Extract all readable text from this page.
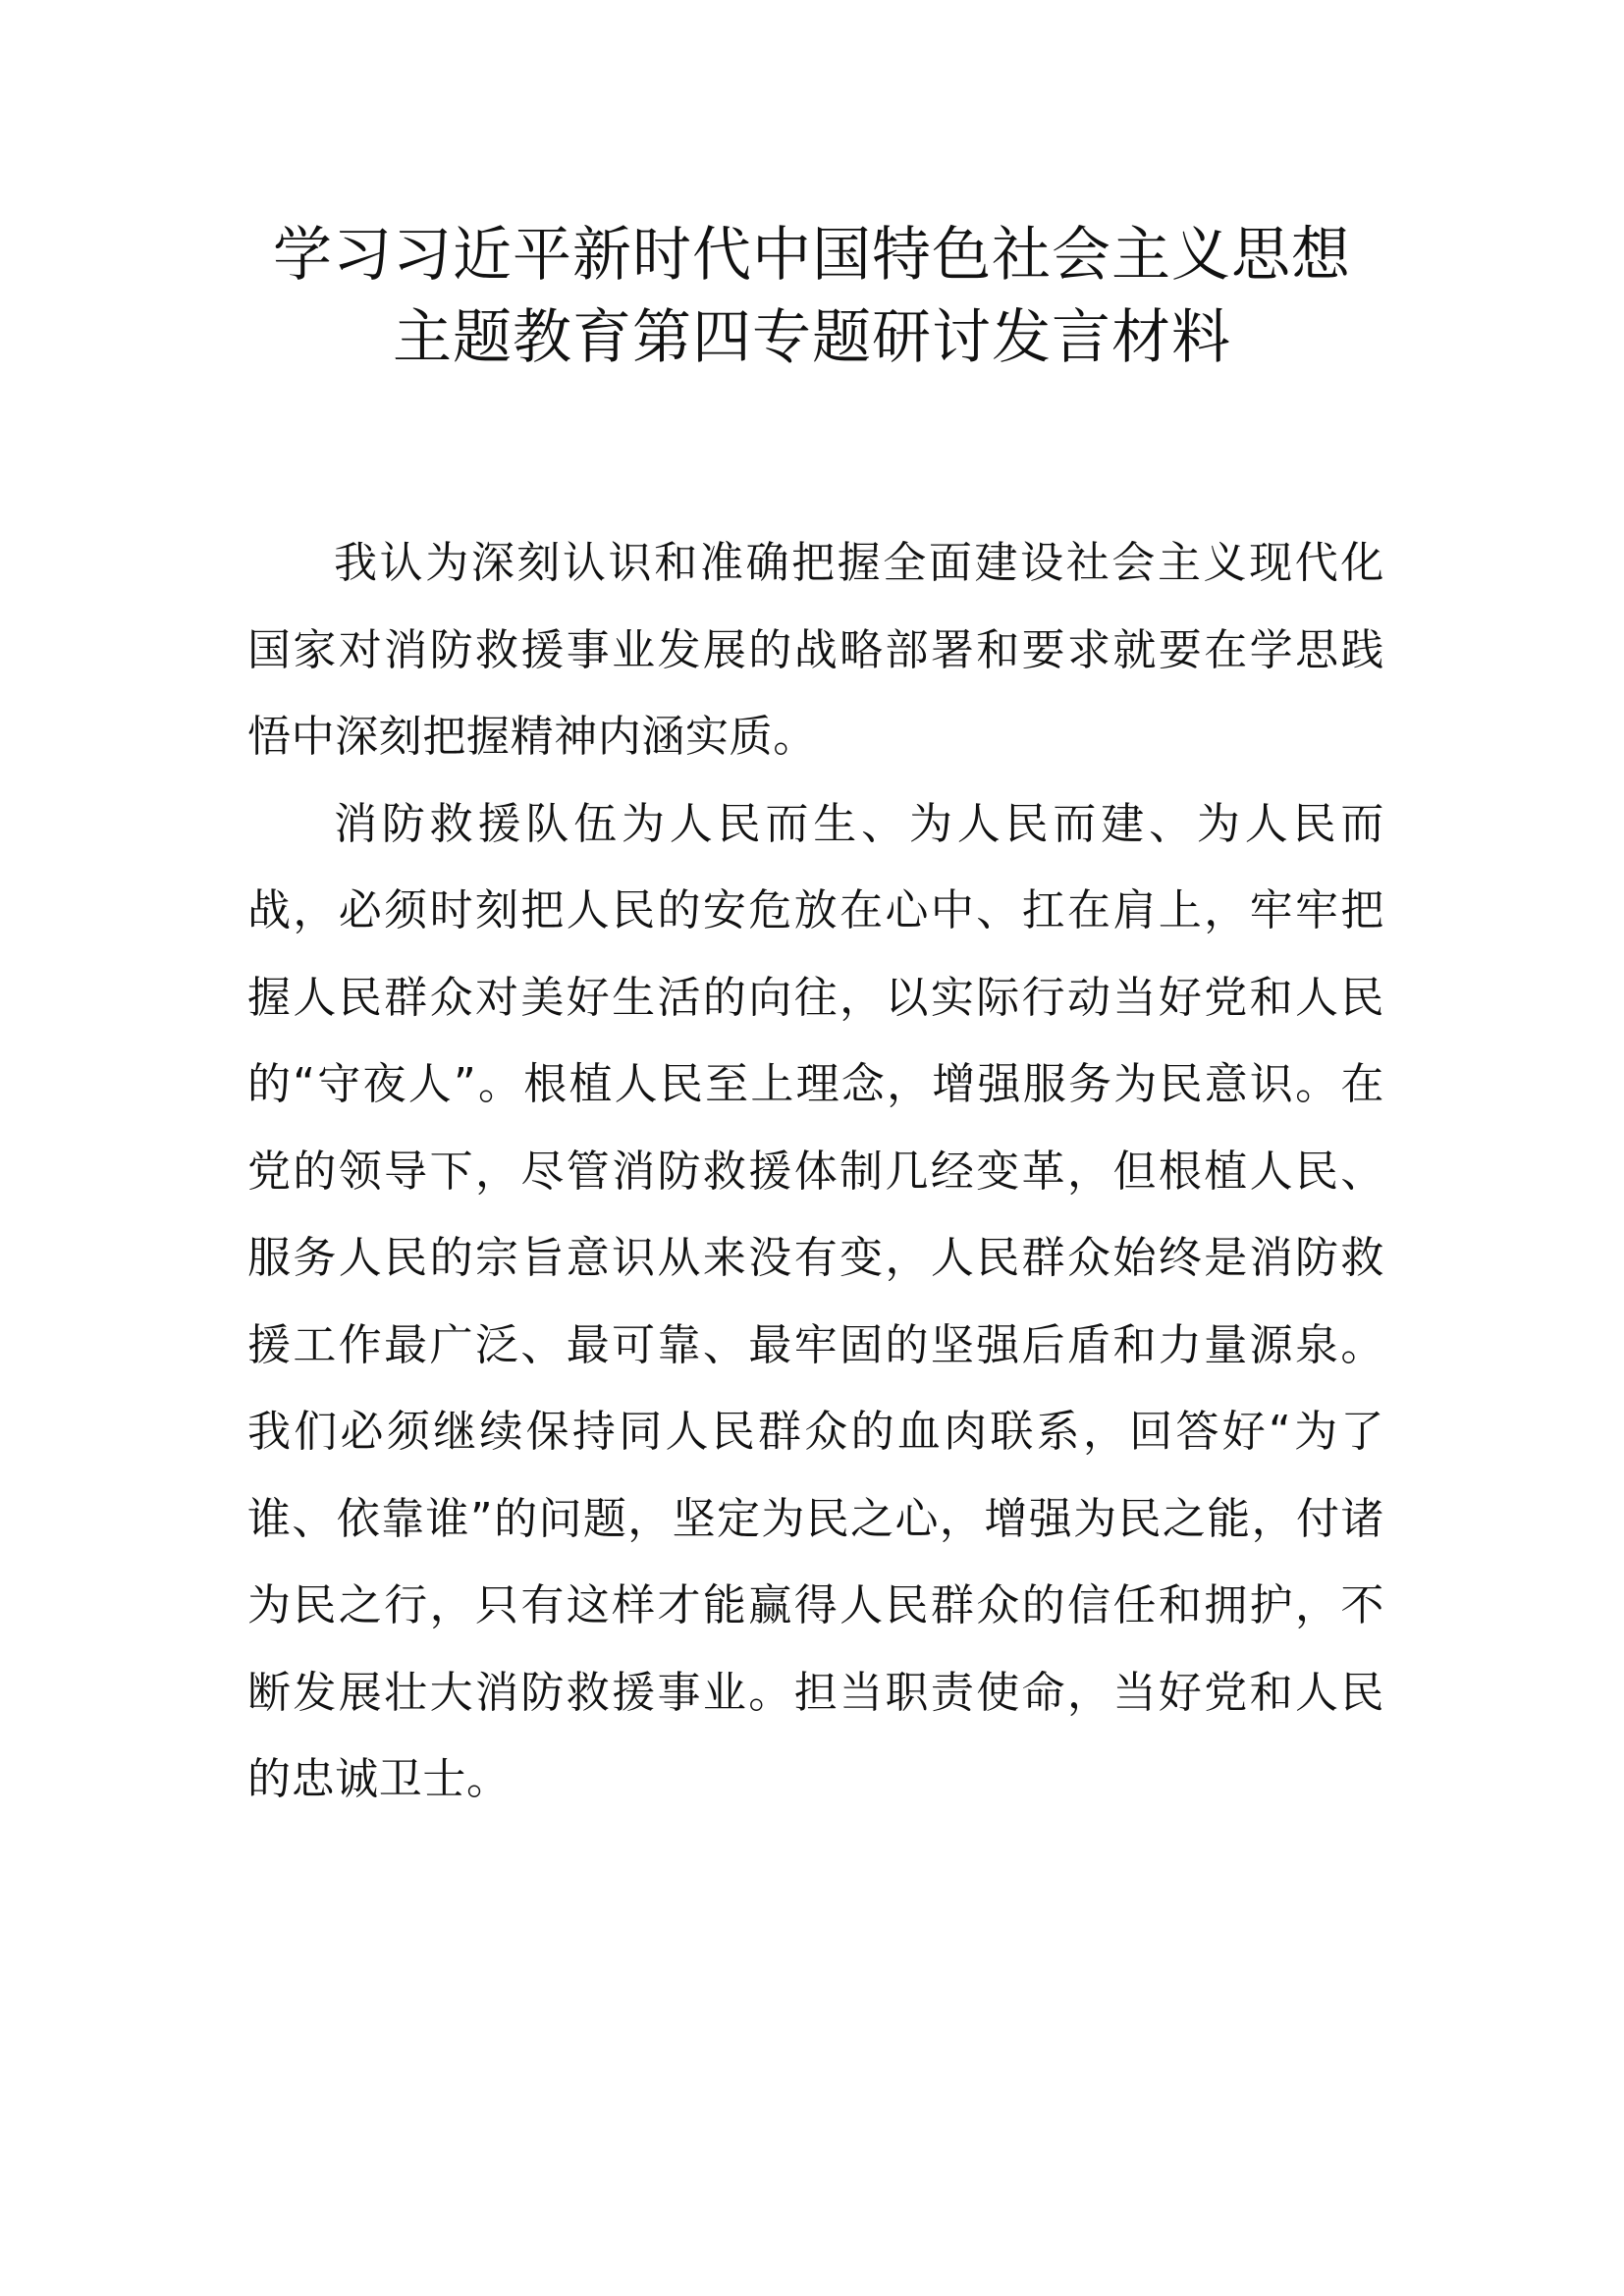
学习习近平新时代中国特色社会主义思想
主题教育第四专题研讨发言材料

我认为深刻认识和准确把握全面建设社会主义现代化国家对消防救援事业发展的战略部署和要求就要在学思践悟中深刻把握精神内涵实质。

消防救援队伍为人民而生、为人民而建、为人民而战，必须时刻把人民的安危放在心中、扛在肩上，牢牢把握人民群众对美好生活的向往，以实际行动当好党和人民的“守夜人”。根植人民至上理念，增强服务为民意识。在党的领导下，尽管消防救援体制几经变革，但根植人民、服务人民的宗旨意识从来没有变，人民群众始终是消防救援工作最广泛、最可靠、最牢固的坚强后盾和力量源泉。我们必须继续保持同人民群众的血肉联系，回答好“为了谁、依靠谁”的问题，坚定为民之心，增强为民之能，付诸为民之行，只有这样才能赢得人民群众的信任和拥护，不断发展壮大消防救援事业。担当职责使命，当好党和人民的忠诚卫士。
